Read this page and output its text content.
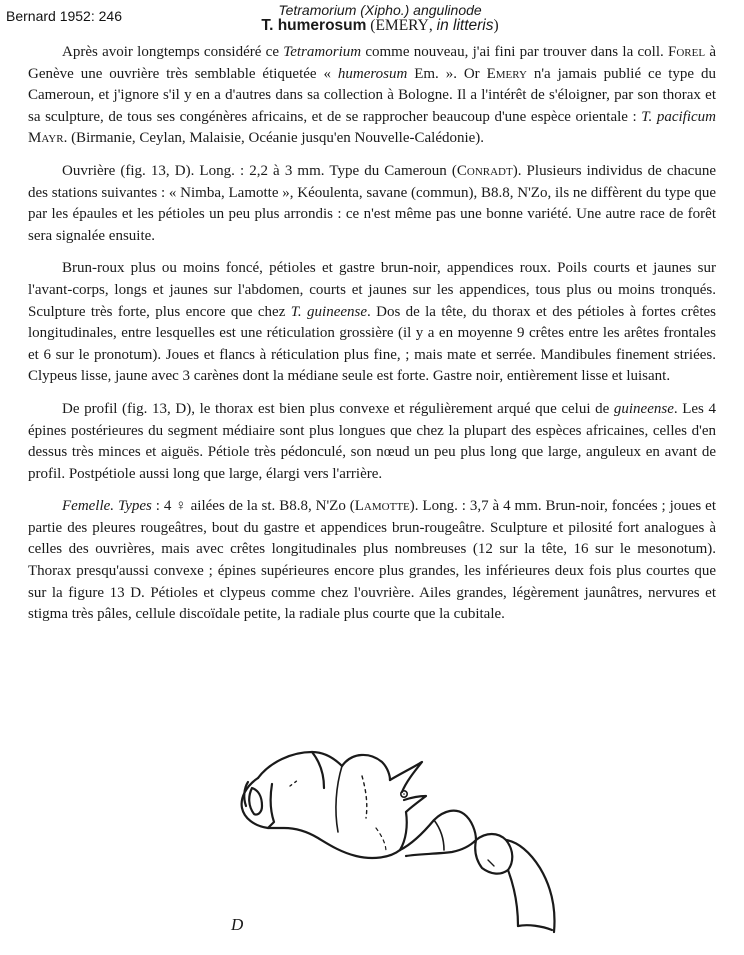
Bernard 1952: 246	Tetramorium (Xipho.) angulinode
T. humerosum (EMERY, in litteris)

Après avoir longtemps considéré ce Tetramorium comme nouveau, j'ai fini par trouver dans la coll. Forel à Genève une ouvrière très semblable étiquetée « humerosum Em. ». Or Emery n'a jamais publié ce type du Cameroun, et j'ignore s'il y en a d'autres dans sa collection à Bologne. Il a l'intérêt de s'éloigner, par son thorax et sa sculpture, de tous ses congénères africains, et de se rapprocher beaucoup d'une espèce orientale : T. pacificum Mayr. (Birmanie, Ceylan, Malaisie, Océanie jusqu'en Nouvelle-Calédonie).

Ouvrière (fig. 13, D). Long. : 2,2 à 3 mm. Type du Cameroun (Conradt). Plusieurs individus de chacune des stations suivantes : « Nimba, Lamotte », Kéoulenta, savane (commun), B8.8, N'Zo, ils ne diffèrent du type que par les épaules et les pétioles un peu plus arrondis : ce n'est même pas une bonne variété. Une autre race de forêt sera signalée ensuite.

Brun-roux plus ou moins foncé, pétioles et gastre brun-noir, appendices roux. Poils courts et jaunes sur l'avant-corps, longs et jaunes sur l'abdomen, courts et jaunes sur les appendices, tous plus ou moins tronqués. Sculpture très forte, plus encore que chez T. guineense. Dos de la tête, du thorax et des pétioles à fortes crêtes longitudinales, entre lesquelles est une réticulation grossière (il y a en moyenne 9 crêtes entre les arêtes frontales et 6 sur le pronotum). Joues et flancs à réticulation plus fine, ; mais mate et serrée. Mandibules finement striées. Clypeus lisse, jaune avec 3 carènes dont la médiane seule est forte. Gastre noir, entièrement lisse et luisant.

De profil (fig. 13, D), le thorax est bien plus convexe et régulièrement arqué que celui de guineense. Les 4 épines postérieures du segment médiaire sont plus longues que chez la plupart des espèces africaines, celles d'en dessus très minces et aiguës. Pétiole très pédonculé, son nœud un peu plus long que large, anguleux en avant de profil. Postpétiole aussi long que large, élargi vers l'arrière.

Femelle. Types : 4 ♀ ailées de la st. B8.8, N'Zo (Lamotte). Long. : 3,7 à 4 mm. Brun-noir, foncées ; joues et partie des pleures rougeâtres, bout du gastre et appendices brun-rougeâtre. Sculpture et pilosité fort analogues à celles des ouvrières, mais avec crêtes longitudinales plus nombreuses (12 sur la tête, 16 sur le mesonotum). Thorax presqu'aussi convexe ; épines supérieures encore plus grandes, les inférieures deux fois plus courtes que sur la figure 13 D. Pétioles et clypeus comme chez l'ouvrière. Ailes grandes, légèrement jaunâtres, nervures et stigma très pâles, cellule discoïdale petite, la radiale plus courte que la cubitale.

D
